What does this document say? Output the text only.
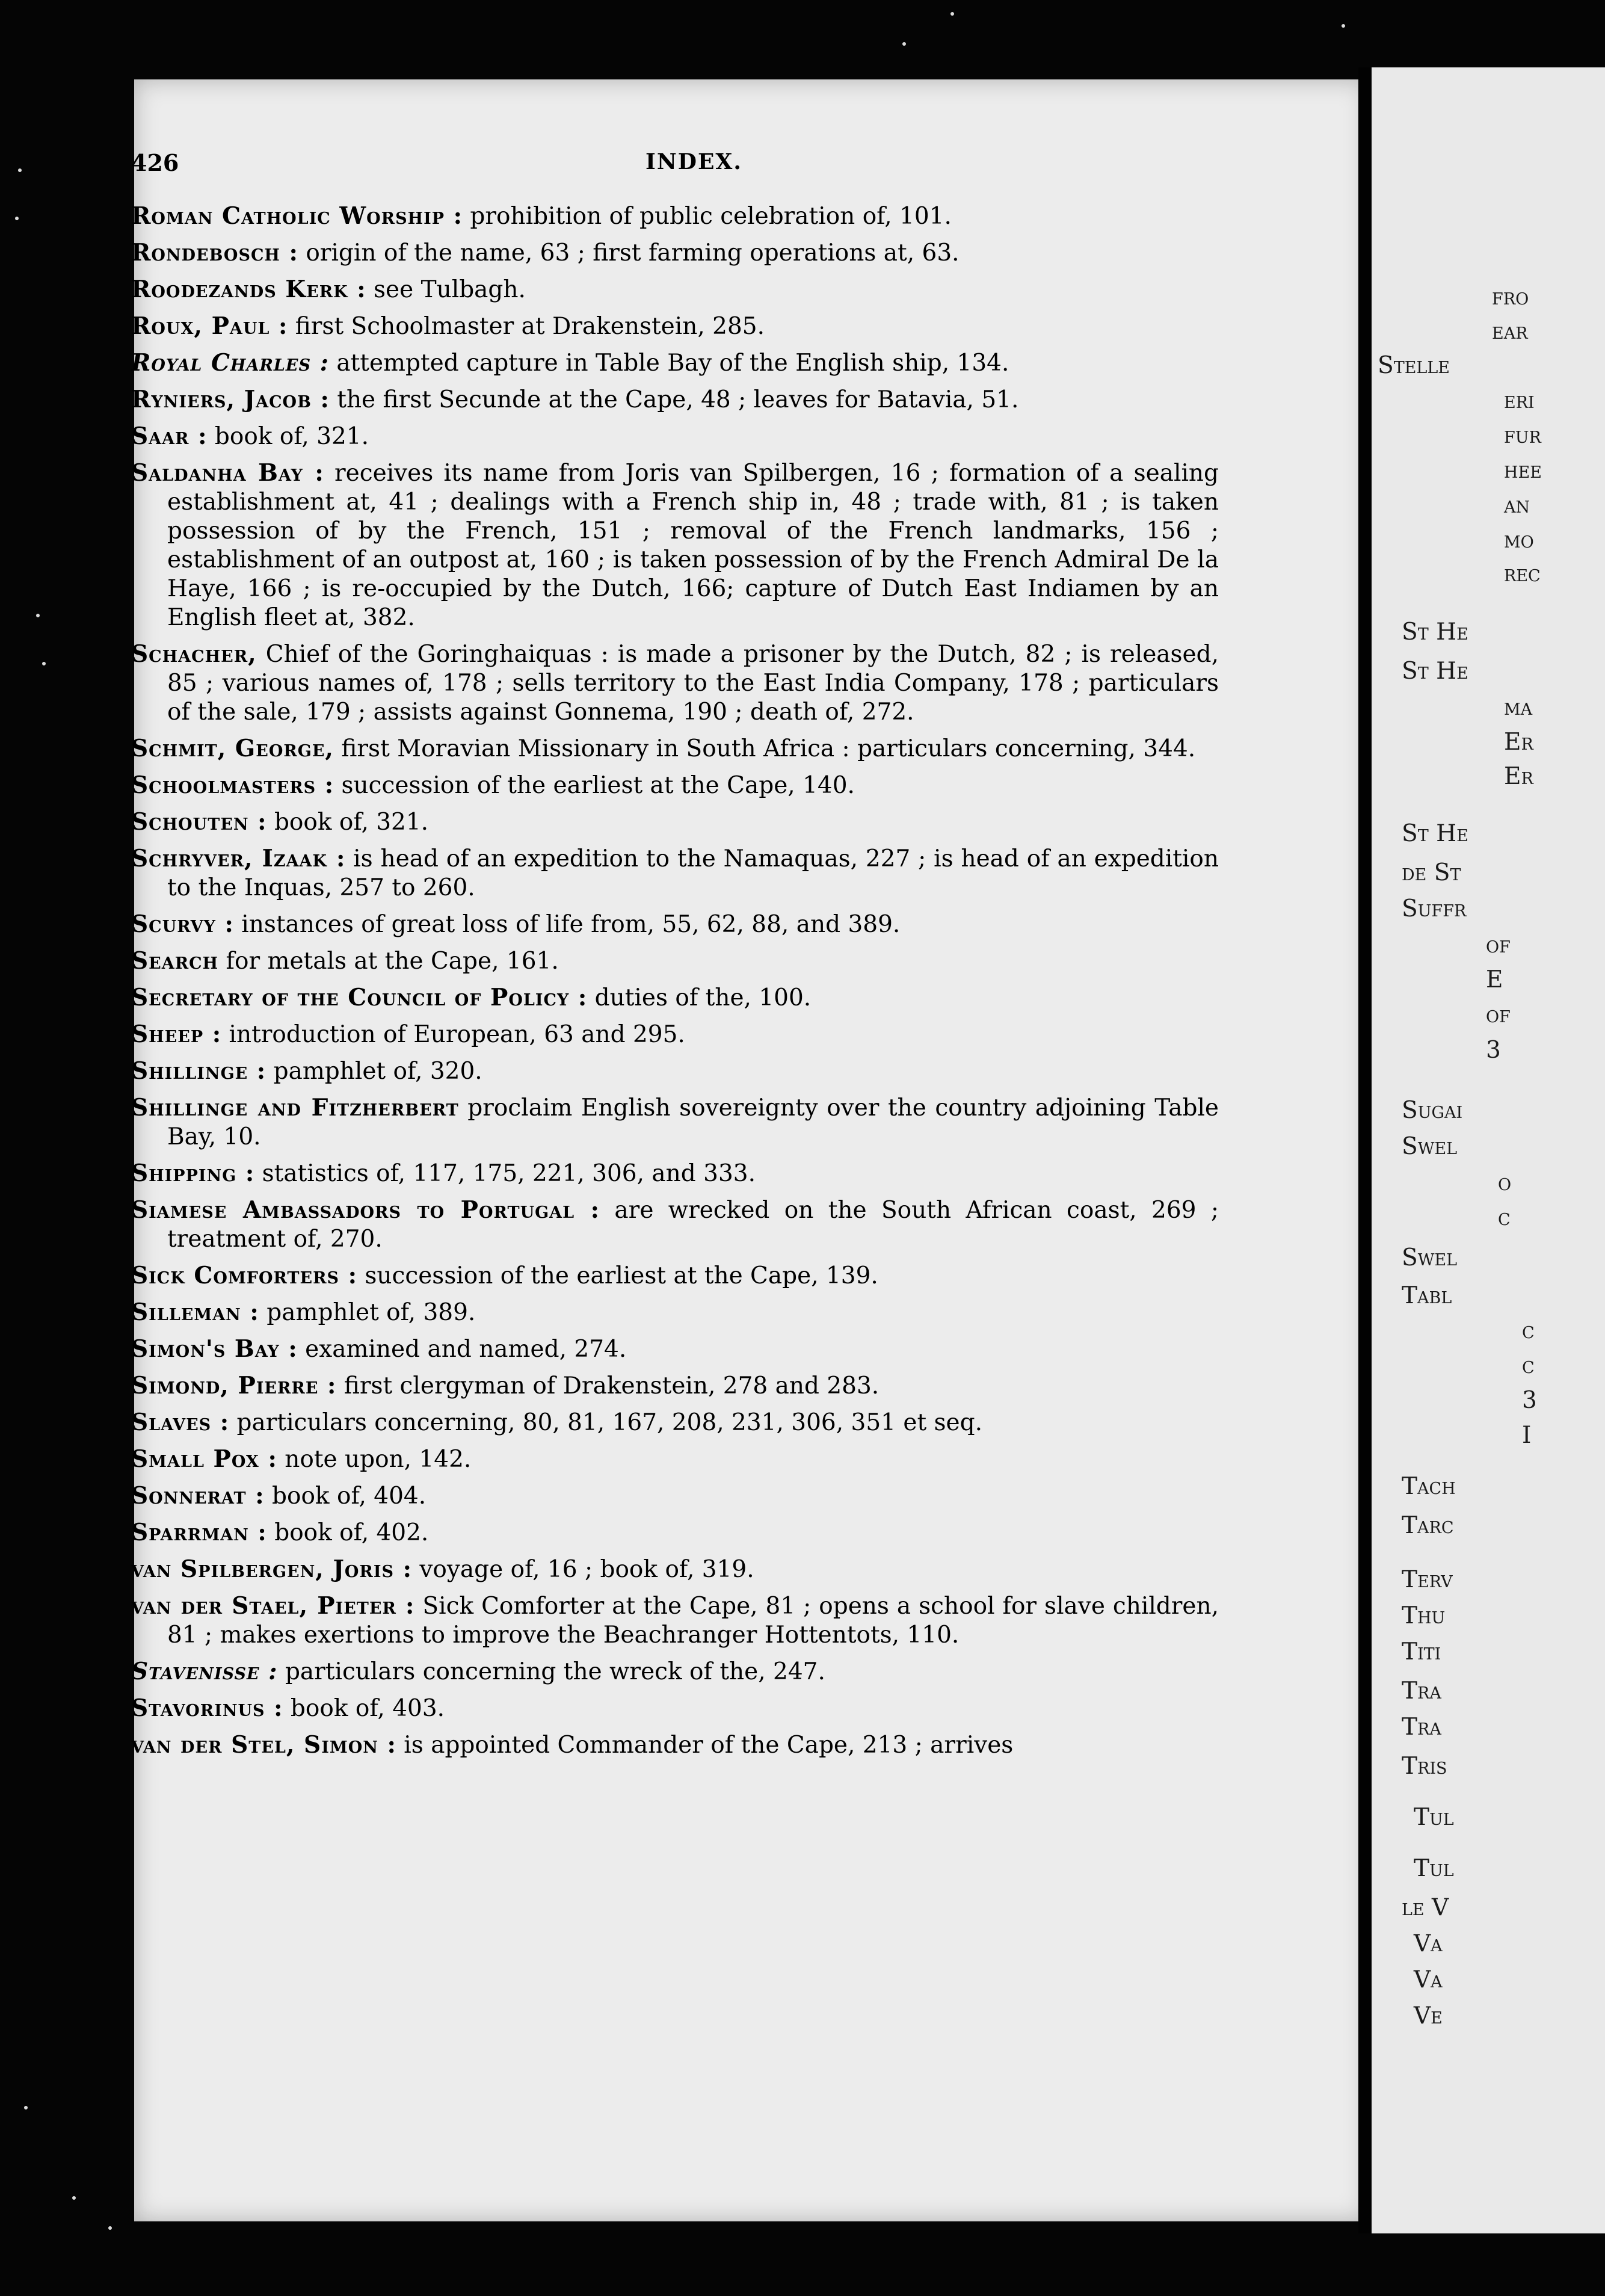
fro
ear
Stelle
eri
fur
hee
an
mo
rec
St He
St He
ma
Er
Er
St He
de St
Suffr
of
E
of
3
Sugai
Swel
o
c
Swel
Tabl
c
c
3
I
Tach
Tarc
Terv
Thu
Titi
Tra
Tra
Tris
Tul
Tul
le V
Va
Va
Ve
426	INDEX.

Roman Catholic Worship : prohibition of public celebration of, 101.

Rondebosch : origin of the name, 63 ; first farming operations at, 63.

Roodezands Kerk : see Tulbagh.

Roux, Paul : first Schoolmaster at Drakenstein, 285.

Royal Charles : attempted capture in Table Bay of the English ship, 134.

Ryniers, Jacob : the first Secunde at the Cape, 48 ; leaves for Batavia, 51.

Saar : book of, 321.

Saldanha Bay : receives its name from Joris van Spilbergen, 16 ; formation of a sealing establishment at, 41 ; dealings with a French ship in, 48 ; trade with, 81 ; is taken possession of by the French, 151 ; removal of the French landmarks, 156 ; establishment of an outpost at, 160 ; is taken possession of by the French Admiral De la Haye, 166 ; is re-occupied by the Dutch, 166; capture of Dutch East Indiamen by an English fleet at, 382.

Schacher, Chief of the Goringhaiquas : is made a prisoner by the Dutch, 82 ; is released, 85 ; various names of, 178 ; sells territory to the East India Company, 178 ; particulars of the sale, 179 ; assists against Gonnema, 190 ; death of, 272.

Schmit, George, first Moravian Missionary in South Africa : particulars concerning, 344.

Schoolmasters : succession of the earliest at the Cape, 140.

Schouten : book of, 321.

Schryver, Izaak : is head of an expedition to the Namaquas, 227 ; is head of an expedition to the Inquas, 257 to 260.

Scurvy : instances of great loss of life from, 55, 62, 88, and 389.

Search for metals at the Cape, 161.

Secretary of the Council of Policy : duties of the, 100.

Sheep : introduction of European, 63 and 295.

Shillinge : pamphlet of, 320.

Shillinge and Fitzherbert proclaim English sovereignty over the country adjoining Table Bay, 10.

Shipping : statistics of, 117, 175, 221, 306, and 333.

Siamese Ambassadors to Portugal : are wrecked on the South African coast, 269 ; treatment of, 270.

Sick Comforters : succession of the earliest at the Cape, 139.

Silleman : pamphlet of, 389.

Simon's Bay : examined and named, 274.

Simond, Pierre : first clergyman of Drakenstein, 278 and 283.

Slaves : particulars concerning, 80, 81, 167, 208, 231, 306, 351 et seq.

Small Pox : note upon, 142.

Sonnerat : book of, 404.

Sparrman : book of, 402.

van Spilbergen, Joris : voyage of, 16 ; book of, 319.

van der Stael, Pieter : Sick Comforter at the Cape, 81 ; opens a school for slave children, 81 ; makes exertions to improve the Beachranger Hottentots, 110.

Stavenisse : particulars concerning the wreck of the, 247.

Stavorinus : book of, 403.

van der Stel, Simon : is appointed Commander of the Cape, 213 ; arrives
